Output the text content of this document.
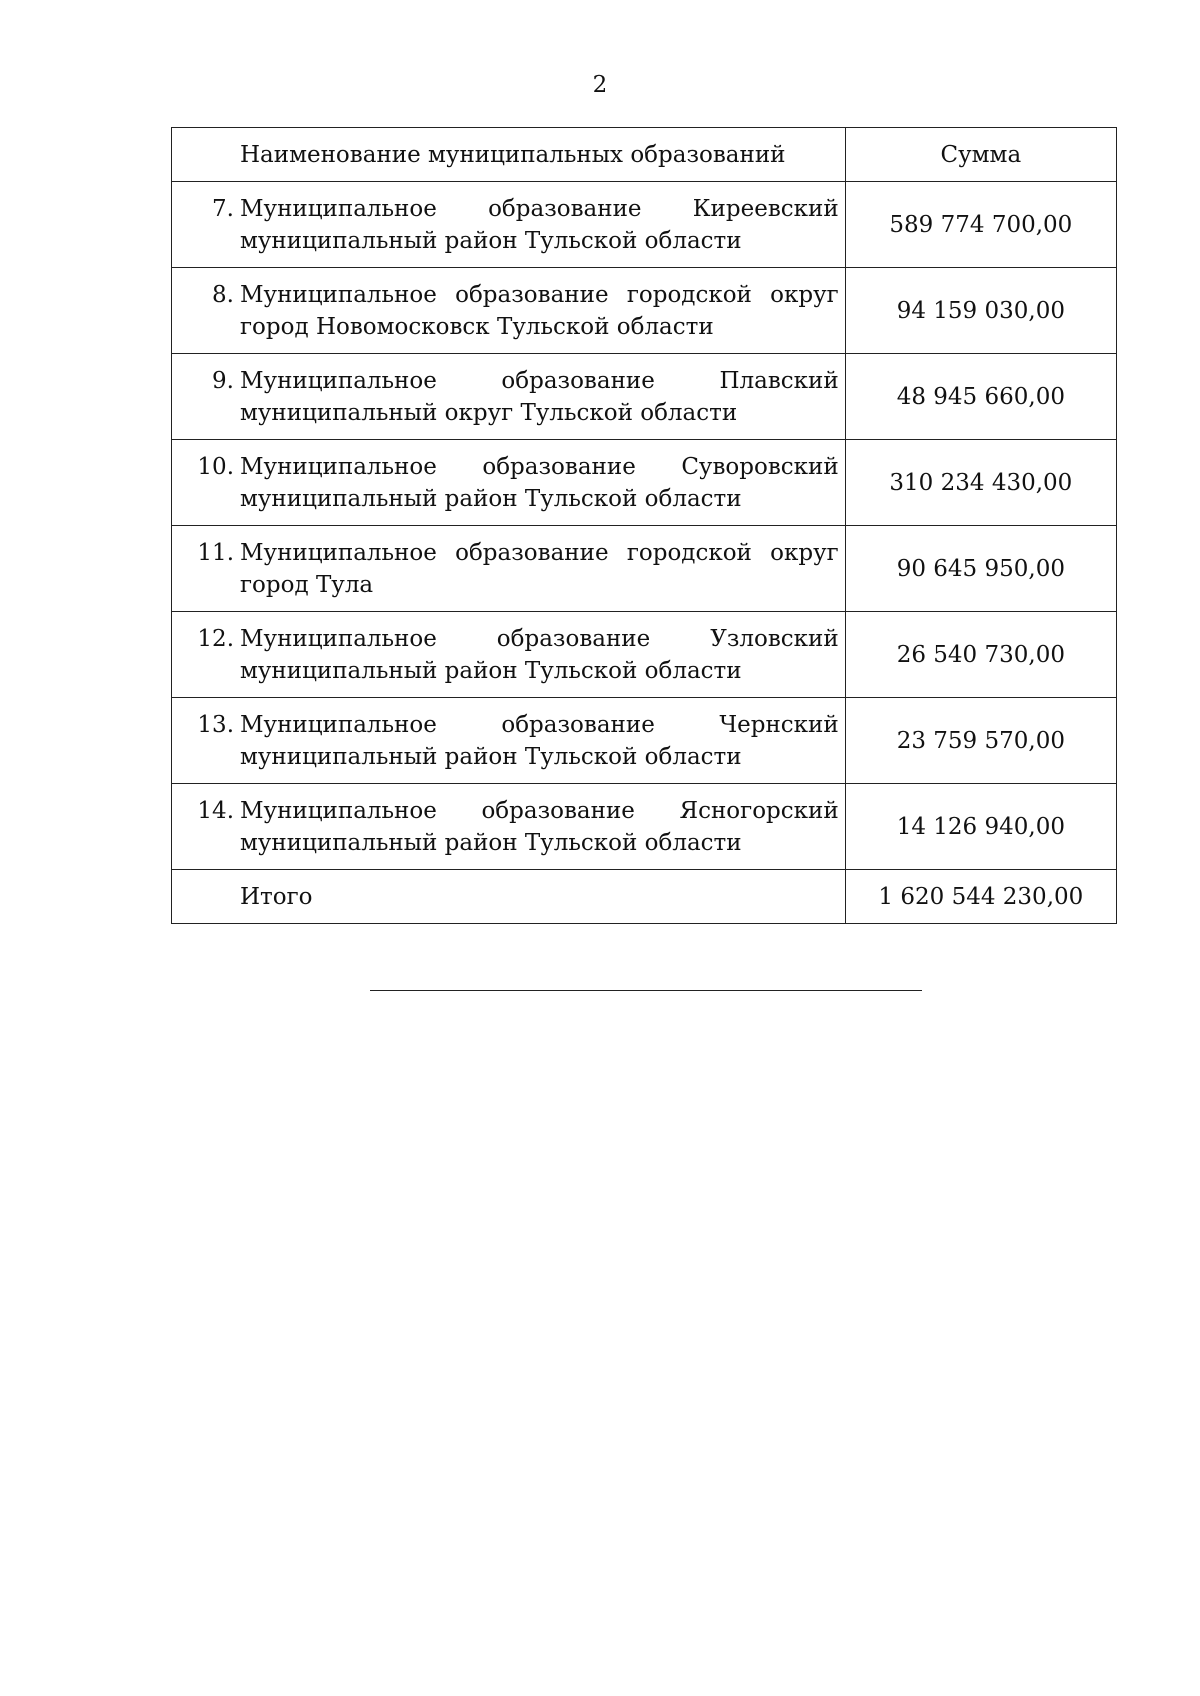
2
Наименование муниципальных образований	Сумма

7. Муниципальное образование Киреевский
муниципальный район Тульской области	589 774 700,00

8. Муниципальное образование городской округ
город Новомосковск Тульской области	94 159 030,00

9. Муниципальное образование Плавский
муниципальный округ Тульской области	48 945 660,00

10. Муниципальное образование Суворовский
муниципальный район Тульской области	310 234 430,00

11. Муниципальное образование городской округ
город Тула	90 645 950,00

12. Муниципальное образование Узловский
муниципальный район Тульской области	26 540 730,00

13. Муниципальное образование Чернский
муниципальный район Тульской области	23 759 570,00

14. Муниципальное образование Ясногорский
муниципальный район Тульской области	14 126 940,00
Итого	1 620 544 230,00
